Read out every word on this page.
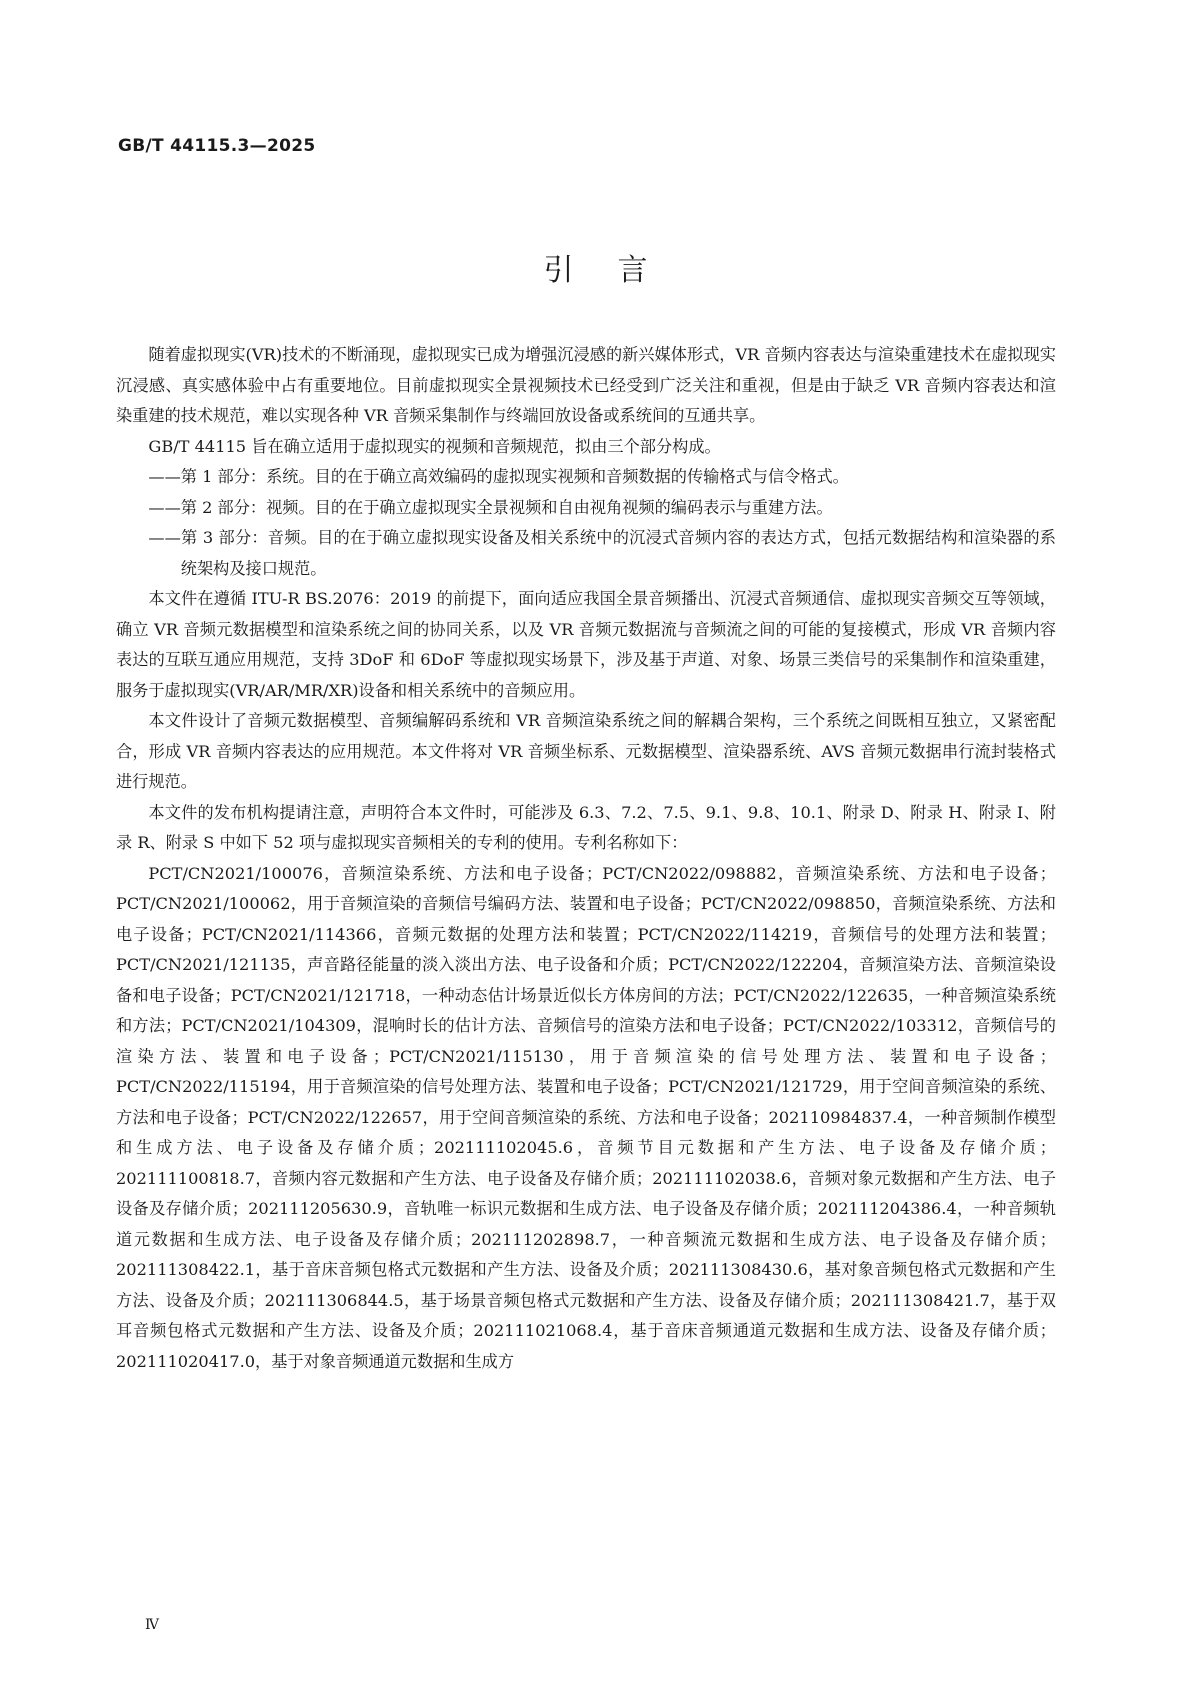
GB/T 44115.3—2025
引言

随着虚拟现实(VR)技术的不断涌现，虚拟现实已成为增强沉浸感的新兴媒体形式，VR 音频内容表达与渲染重建技术在虚拟现实沉浸感、真实感体验中占有重要地位。目前虚拟现实全景视频技术已经受到广泛关注和重视，但是由于缺乏 VR 音频内容表达和渲染重建的技术规范，难以实现各种 VR 音频采集制作与终端回放设备或系统间的互通共享。

GB/T 44115 旨在确立适用于虚拟现实的视频和音频规范，拟由三个部分构成。

——第 1 部分：系统。目的在于确立高效编码的虚拟现实视频和音频数据的传输格式与信令格式。

——第 2 部分：视频。目的在于确立虚拟现实全景视频和自由视角视频的编码表示与重建方法。

——第 3 部分：音频。目的在于确立虚拟现实设备及相关系统中的沉浸式音频内容的表达方式，包括元数据结构和渲染器的系统架构及接口规范。

本文件在遵循 ITU-R BS.2076：2019 的前提下，面向适应我国全景音频播出、沉浸式音频通信、虚拟现实音频交互等领域，确立 VR 音频元数据模型和渲染系统之间的协同关系，以及 VR 音频元数据流与音频流之间的可能的复接模式，形成 VR 音频内容表达的互联互通应用规范，支持 3DoF 和 6DoF 等虚拟现实场景下，涉及基于声道、对象、场景三类信号的采集制作和渲染重建，服务于虚拟现实(VR/AR/MR/XR)设备和相关系统中的音频应用。

本文件设计了音频元数据模型、音频编解码系统和 VR 音频渲染系统之间的解耦合架构，三个系统之间既相互独立，又紧密配合，形成 VR 音频内容表达的应用规范。本文件将对 VR 音频坐标系、元数据模型、渲染器系统、AVS 音频元数据串行流封装格式进行规范。

本文件的发布机构提请注意，声明符合本文件时，可能涉及 6.3、7.2、7.5、9.1、9.8、10.1、附录 D、附录 H、附录 I、附录 R、附录 S 中如下 52 项与虚拟现实音频相关的专利的使用。专利名称如下：

PCT/CN2021/100076，音频渲染系统、方法和电子设备；PCT/CN2022/098882，音频渲染系统、方法和电子设备；PCT/CN2021/100062，用于音频渲染的音频信号编码方法、装置和电子设备；PCT/CN2022/098850，音频渲染系统、方法和电子设备；PCT/CN2021/114366，音频元数据的处理方法和装置；PCT/CN2022/114219，音频信号的处理方法和装置；PCT/CN2021/121135，声音路径能量的淡入淡出方法、电子设备和介质；PCT/CN2022/122204，音频渲染方法、音频渲染设备和电子设备；PCT/CN2021/121718，一种动态估计场景近似长方体房间的方法；PCT/CN2022/122635，一种音频渲染系统和方法；PCT/CN2021/104309，混响时长的估计方法、音频信号的渲染方法和电子设备；PCT/CN2022/103312，音频信号的渲染方法、装置和电子设备；PCT/CN2021/115130，用于音频渲染的信号处理方法、装置和电子设备；PCT/CN2022/115194，用于音频渲染的信号处理方法、装置和电子设备；PCT/CN2021/121729，用于空间音频渲染的系统、方法和电子设备；PCT/CN2022/122657，用于空间音频渲染的系统、方法和电子设备；202110984837.4，一种音频制作模型和生成方法、电子设备及存储介质；202111102045.6，音频节目元数据和产生方法、电子设备及存储介质；202111100818.7，音频内容元数据和产生方法、电子设备及存储介质；202111102038.6，音频对象元数据和产生方法、电子设备及存储介质；202111205630.9，音轨唯一标识元数据和生成方法、电子设备及存储介质；202111204386.4，一种音频轨道元数据和生成方法、电子设备及存储介质；202111202898.7，一种音频流元数据和生成方法、电子设备及存储介质；202111308422.1，基于音床音频包格式元数据和产生方法、设备及介质；202111308430.6，基对象音频包格式元数据和产生方法、设备及介质；202111306844.5，基于场景音频包格式元数据和产生方法、设备及存储介质；202111308421.7，基于双耳音频包格式元数据和产生方法、设备及介质；202111021068.4，基于音床音频通道元数据和生成方法、设备及存储介质；202111020417.0，基于对象音频通道元数据和生成方

Ⅳ
